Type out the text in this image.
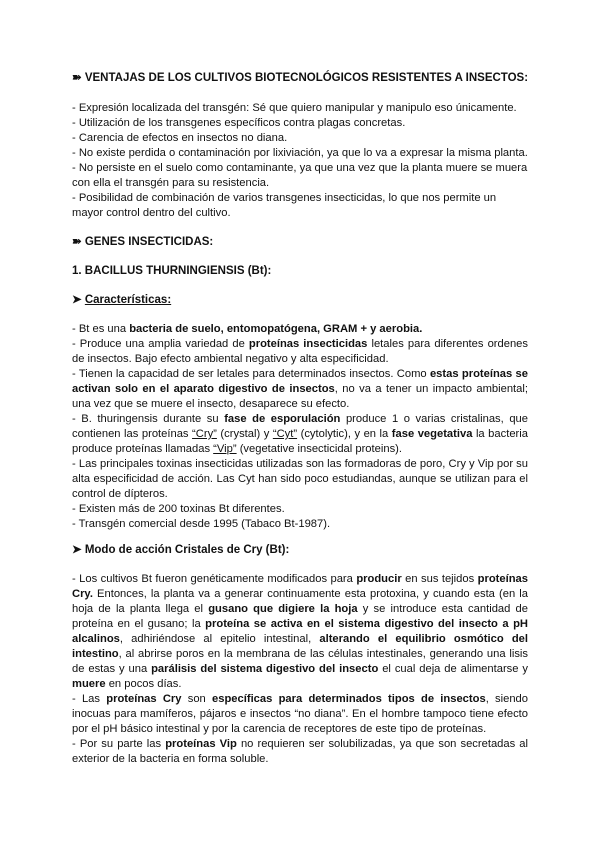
➽ VENTAJAS DE LOS CULTIVOS BIOTECNOLÓGICOS RESISTENTES A INSECTOS:

- Expresión localizada del transgén: Sé que quiero manipular y manipulo eso únicamente.

- Utilización de los transgenes específicos contra plagas concretas.

- Carencia de efectos en insectos no diana.

- No existe perdida o contaminación por lixiviación, ya que lo va a expresar la misma planta.

- No persiste en el suelo como contaminante, ya que una vez que la planta muere se muera con ella el transgén para su resistencia.

- Posibilidad de combinación de varios transgenes insecticidas, lo que nos permite un mayor control dentro del cultivo.

➽ GENES INSECTICIDAS:
1. BACILLUS THURNINGIENSIS (Bt):
➤ Características:

- Bt es una bacteria de suelo, entomopatógena, GRAM + y aerobia.

- Produce una amplia variedad de proteínas insecticidas letales para diferentes ordenes de insectos. Bajo efecto ambiental negativo y alta especificidad.

- Tienen la capacidad de ser letales para determinados insectos. Como estas proteínas se activan solo en el aparato digestivo de insectos, no va a tener un impacto ambiental; una vez que se muere el insecto, desaparece su efecto.

- B. thuringensis durante su fase de esporulación produce 1 o varias cristalinas, que contienen las proteínas “Cry” (crystal) y “Cyt” (cytolytic), y en la fase vegetativa la bacteria produce proteínas llamadas “Vip” (vegetative insecticidal proteins).

- Las principales toxinas insecticidas utilizadas son las formadoras de poro, Cry y Vip por su alta especificidad de acción. Las Cyt han sido poco estudiandas, aunque se utilizan para el control de dípteros.

- Existen más de 200 toxinas Bt diferentes.

- Transgén comercial desde 1995 (Tabaco Bt-1987).

➤ Modo de acción Cristales de Cry (Bt):

- Los cultivos Bt fueron genéticamente modificados para producir en sus tejidos proteínas Cry. Entonces, la planta va a generar continuamente esta protoxina, y cuando esta (en la hoja de la planta llega el gusano que digiere la hoja y se introduce esta cantidad de proteína en el gusano; la proteína se activa en el sistema digestivo del insecto a pH alcalinos, adhiriéndose al epitelio intestinal, alterando el equilibrio osmótico del intestino, al abrirse poros en la membrana de las células intestinales, generando una lisis de estas y una parálisis del sistema digestivo del insecto el cual deja de alimentarse y muere en pocos días.

- Las proteínas Cry son específicas para determinados tipos de insectos, siendo inocuas para mamíferos, pájaros e insectos “no diana”. En el hombre tampoco tiene efecto por el pH básico intestinal y por la carencia de receptores de este tipo de proteínas.

- Por su parte las proteínas Vip no requieren ser solubilizadas, ya que son secretadas al exterior de la bacteria en forma soluble.
